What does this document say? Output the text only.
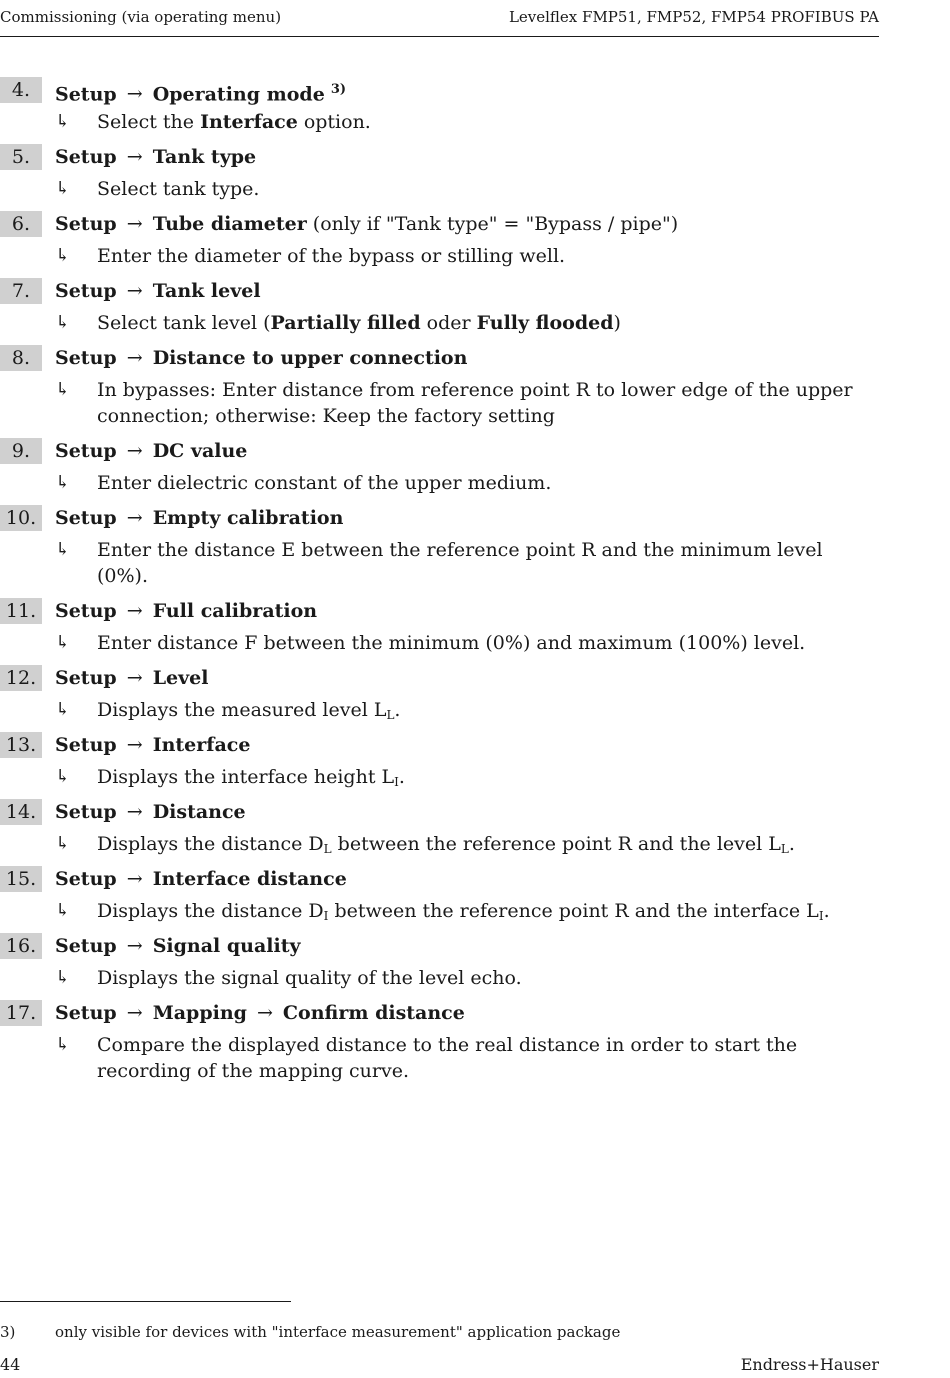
Commissioning (via operating menu)	Levelflex FMP51, FMP52, FMP54 PROFIBUS PA
4.	Setup → Operating mode $^{3)}$
↳	Select the Interface option.
5.	Setup → Tank type
↳	Select tank type.
6.	Setup → Tube diameter (only if "Tank type" = "Bypass / pipe")
↳	Enter the diameter of the bypass or stilling well.
7.	Setup → Tank level
↳	Select tank level (Partially filled oder Fully flooded)
8.	Setup → Distance to upper connection
↳	In bypasses: Enter distance from reference point R to lower edge of the upper connection; otherwise: Keep the factory setting
9.	Setup → DC value
↳	Enter dielectric constant of the upper medium.
10. Setup → Empty calibration
↳	Enter the distance E between the reference point R and the minimum level (0%).
11. Setup → Full calibration
↳	Enter distance F between the minimum (0%) and maximum (100%) level.
12. Setup → Level
↳	Displays the measured level $L_L$.
13. Setup → Interface
↳	Displays the interface height $L_I$.
14. Setup → Distance
↳	Displays the distance $D_L$ between the reference point R and the level $L_L$.
15. Setup → Interface distance
↳	Displays the distance $D_I$ between the reference point R and the interface $L_I$.
16. Setup → Signal quality
↳	Displays the signal quality of the level echo.
17. Setup → Mapping → Confirm distance
↳	Compare the displayed distance to the real distance in order to start the recording of the mapping curve.
3)	only visible for devices with "interface measurement" application package
44	Endress+Hauser
